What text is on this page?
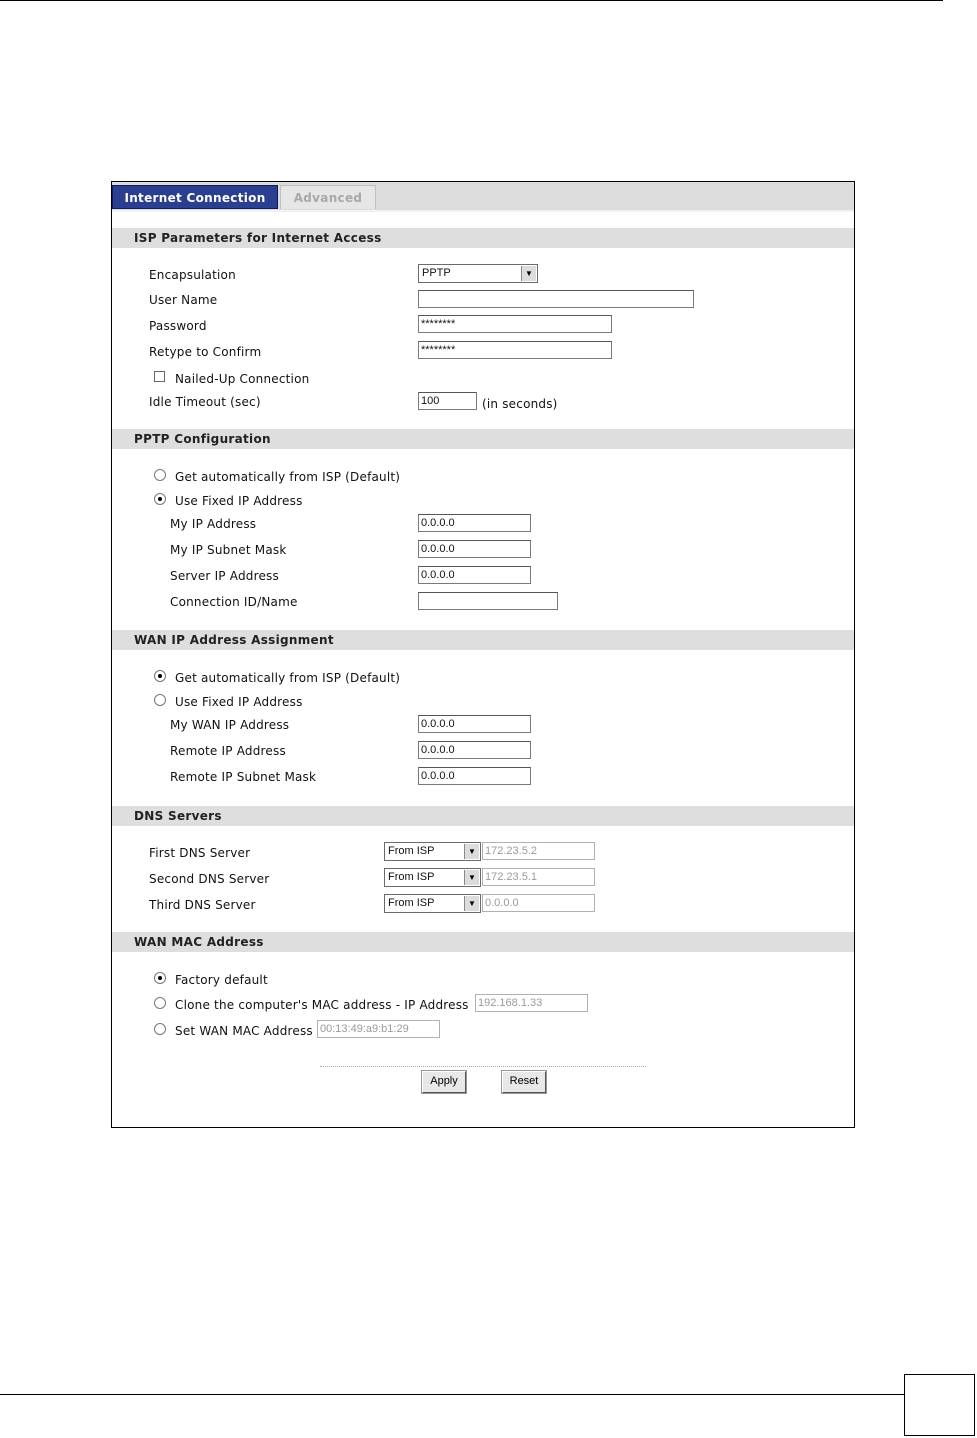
Internet Connection	Advanced
ISP Parameters for Internet Access
Encapsulation	PPTP	▼
User Name
Password	********
Retype to Confirm	********
Nailed-Up Connection
Idle Timeout (sec)	100	(in seconds)
PPTP Configuration
Get automatically from ISP (Default)
Use Fixed IP Address
My IP Address	0.0.0.0
My IP Subnet Mask	0.0.0.0
Server IP Address	0.0.0.0
Connection ID/Name
WAN IP Address Assignment
Get automatically from ISP (Default)
Use Fixed IP Address
My WAN IP Address	0.0.0.0
Remote IP Address	0.0.0.0
Remote IP Subnet Mask	0.0.0.0
DNS Servers
First DNS Server	From ISP	▼ 172.23.5.2
Second DNS Server	From ISP	▼ 172.23.5.1
Third DNS Server	From ISP	▼ 0.0.0.0
WAN MAC Address
Factory default
Clone the computer's MAC address - IP Address 192.168.1.33
Set WAN MAC Address 00:13:49:a9:b1:29
Apply	Reset
